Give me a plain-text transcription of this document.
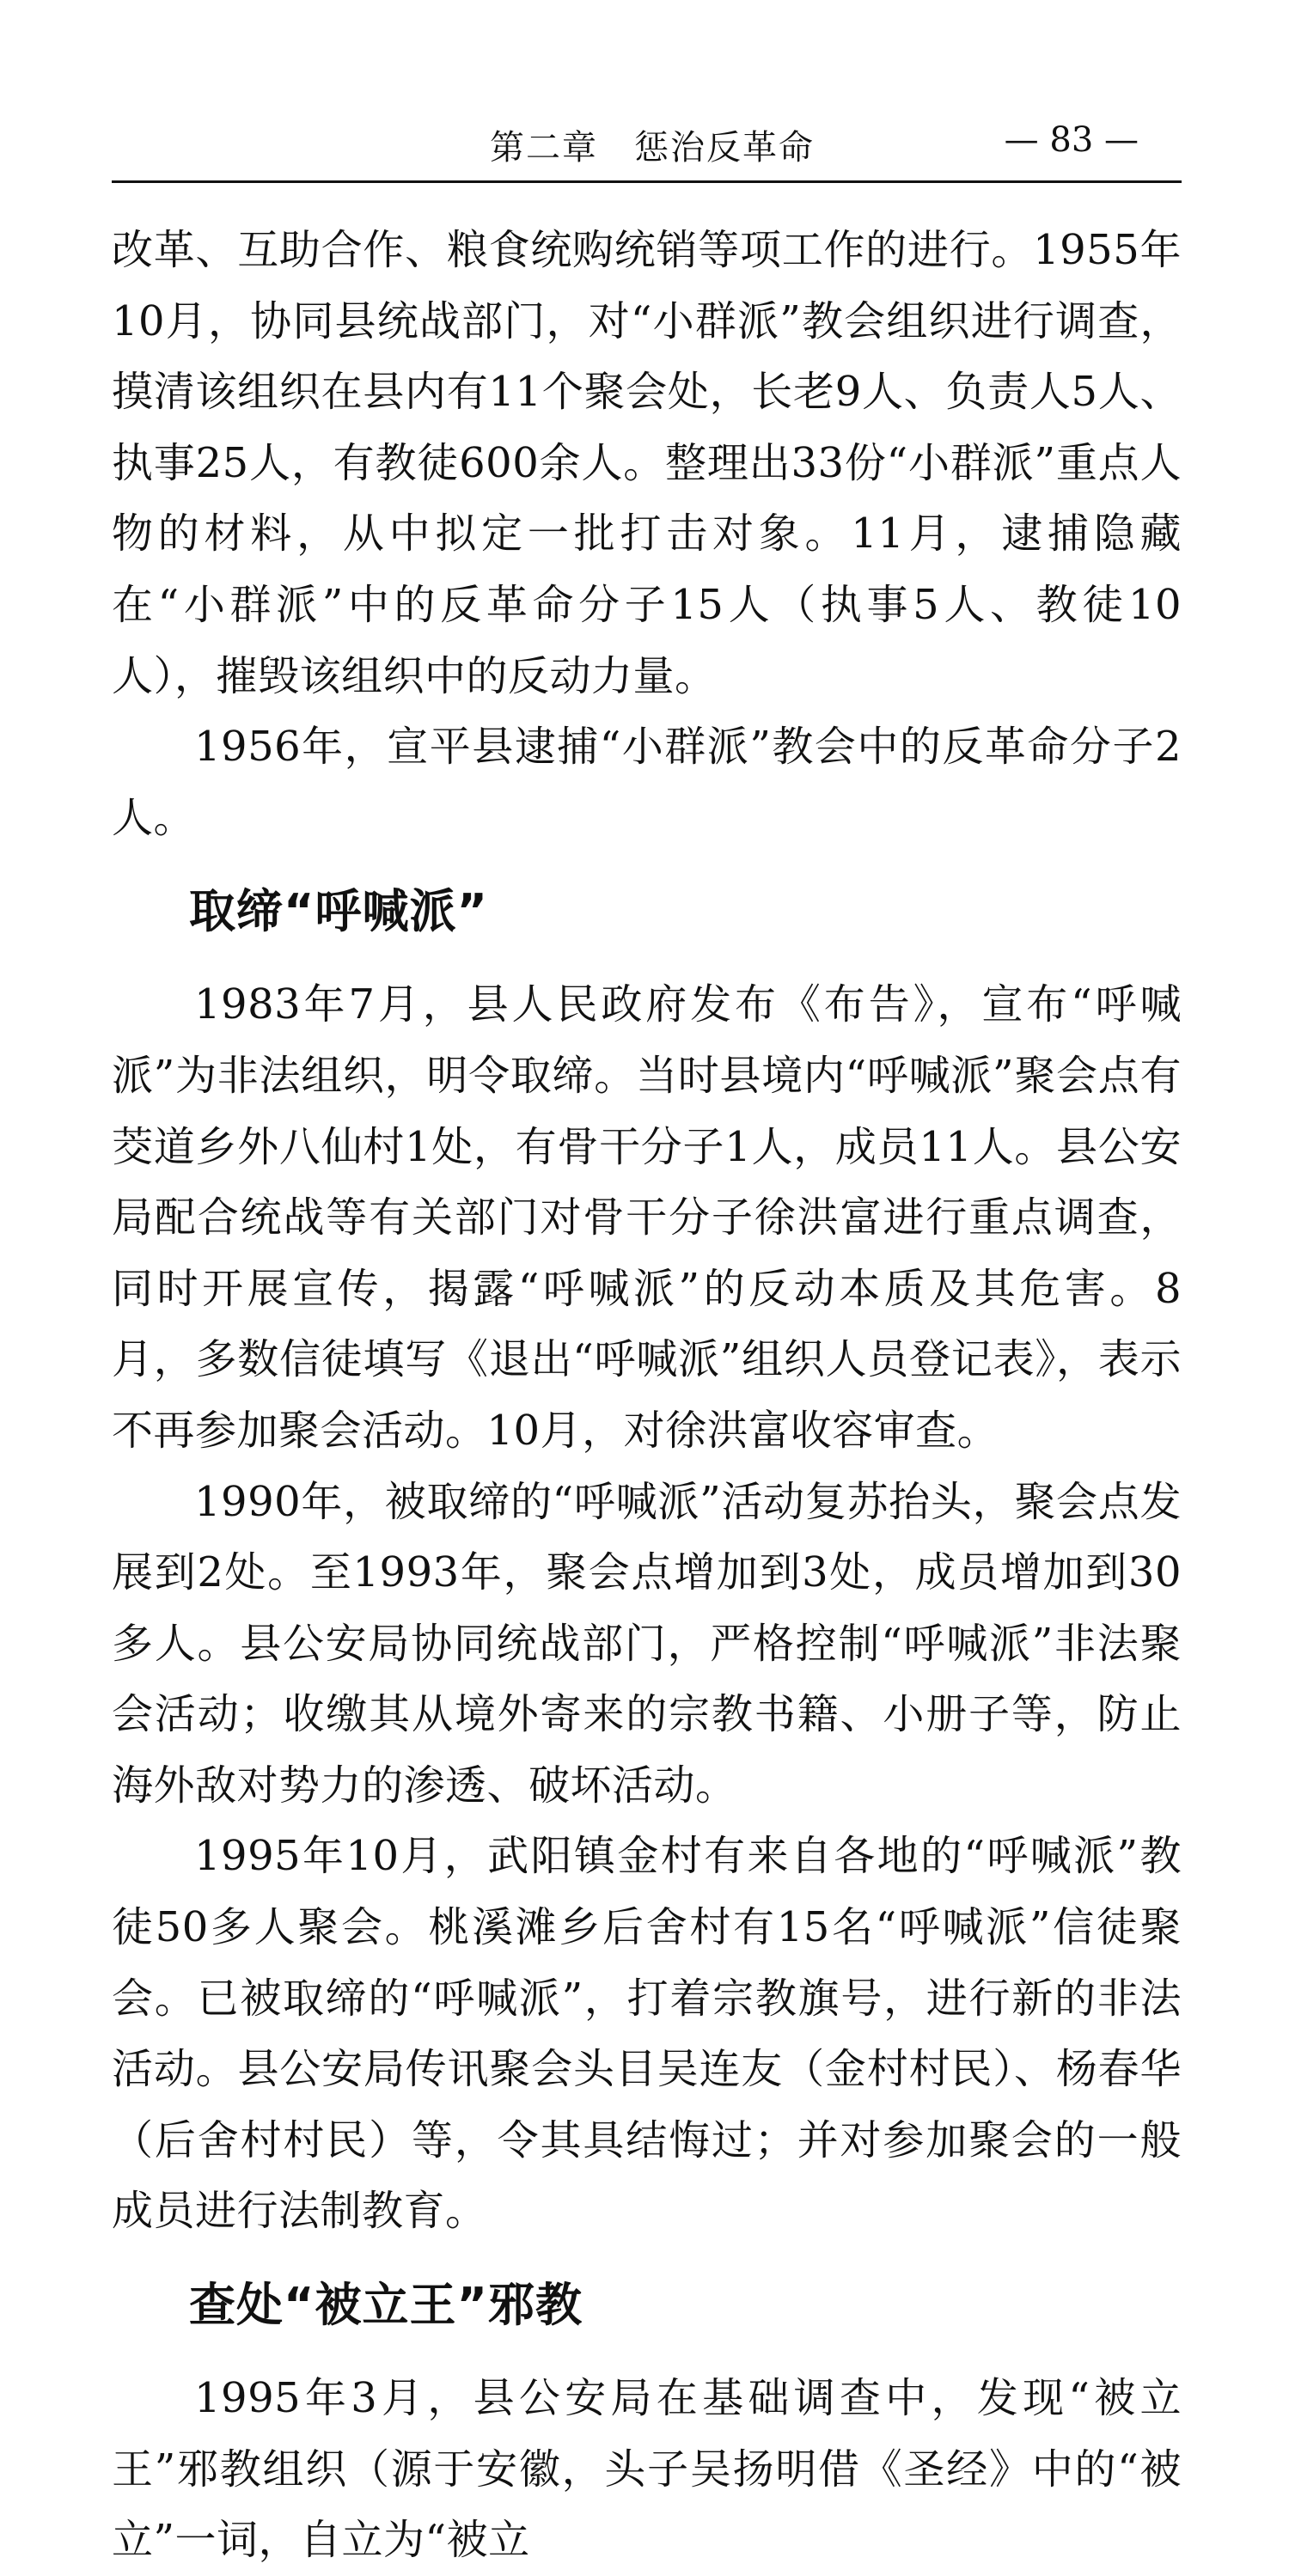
第二章　惩治反革命	— 83 —

改革、互助合作、粮食统购统销等项工作的进行。1955年10月，协同县统战部门，对“小群派”教会组织进行调查，摸清该组织在县内有11个聚会处，长老9人、负责人5人、执事25人，有教徒600余人。整理出33份“小群派”重点人物的材料，从中拟定一批打击对象。11月，逮捕隐藏在“小群派”中的反革命分子15人（执事5人、教徒10人），摧毁该组织中的反动力量。

1956年，宣平县逮捕“小群派”教会中的反革命分子2人。

取缔“呼喊派”

1983年7月，县人民政府发布《布告》，宣布“呼喊派”为非法组织，明令取缔。当时县境内“呼喊派”聚会点有茭道乡外八仙村1处，有骨干分子1人，成员11人。县公安局配合统战等有关部门对骨干分子徐洪富进行重点调查，同时开展宣传，揭露“呼喊派”的反动本质及其危害。8月，多数信徒填写《退出“呼喊派”组织人员登记表》，表示不再参加聚会活动。10月，对徐洪富收容审查。

1990年，被取缔的“呼喊派”活动复苏抬头，聚会点发展到2处。至1993年，聚会点增加到3处，成员增加到30多人。县公安局协同统战部门，严格控制“呼喊派”非法聚会活动；收缴其从境外寄来的宗教书籍、小册子等，防止海外敌对势力的渗透、破坏活动。

1995年10月，武阳镇金村有来自各地的“呼喊派”教徒50多人聚会。桃溪滩乡后舍村有15名“呼喊派”信徒聚会。已被取缔的“呼喊派”，打着宗教旗号，进行新的非法活动。县公安局传讯聚会头目吴连友（金村村民）、杨春华（后舍村村民）等，令其具结悔过；并对参加聚会的一般成员进行法制教育。

查处“被立王”邪教

1995年3月，县公安局在基础调查中，发现“被立王”邪教组织（源于安徽，头子吴扬明借《圣经》中的“被立”一词，自立为“被立
